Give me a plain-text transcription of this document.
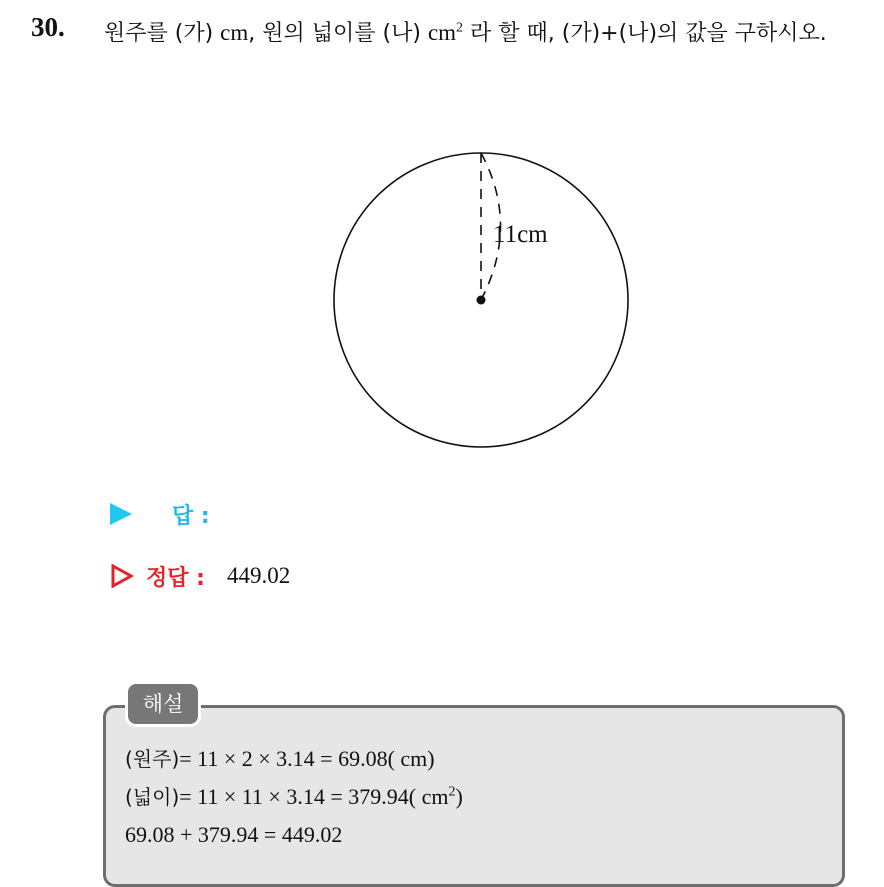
30. 원주를 (가) cm, 원의 넓이를 (나) $cm^2$ 라 할 때, (가)+(나)의 값을 구하시오.
11cm
답 :
정답 : 449.02
해설
(원주)= 11 × 2 × 3.14 = 69.08( cm)
(넓이)= 11 × 11 × 3.14 = 379.94( $cm^2$)
69.08 + 379.94 = 449.02
